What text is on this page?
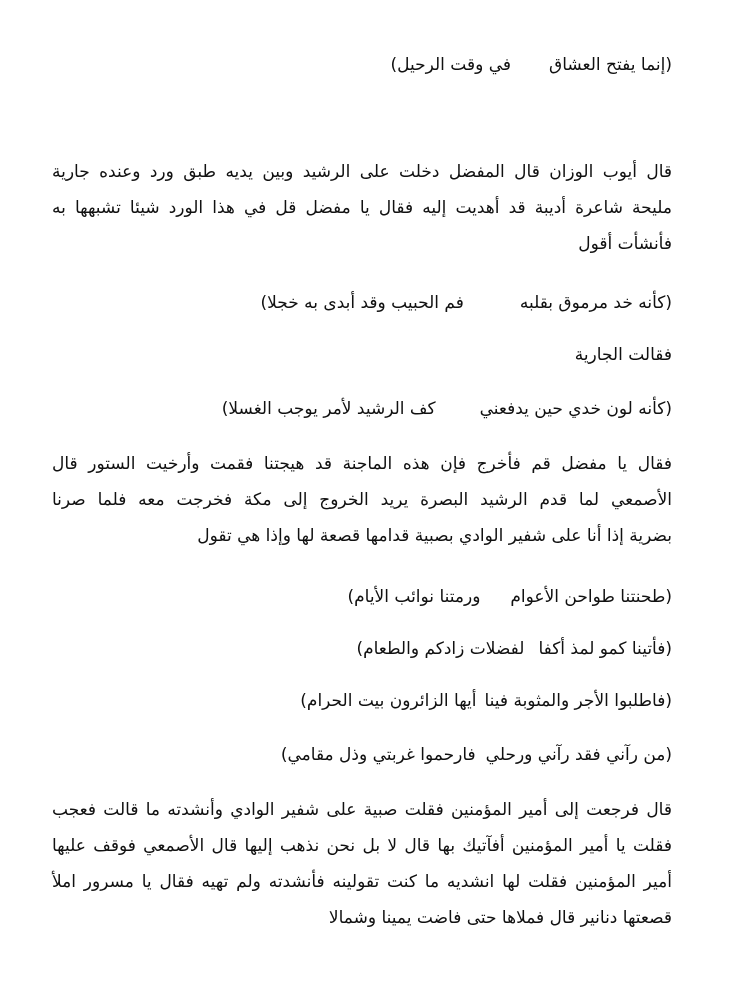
(إنما يفتح العشاقفي وقت الرحيل)
قال أيوب الوزان قال المفضل دخلت على الرشيد وبين يديه طبق ورد وعنده جارية
مليحة شاعرة أديبة قد أهديت إليه فقال يا مفضل قل في هذا الورد شيئا تشبهها به
فأنشأت أقول
(كأنه خد مرموق بقلبهفم الحبيب وقد أبدى به خجلا)
فقالت الجارية
(كأنه لون خدي حين يدفعنيكف الرشيد لأمر يوجب الغسلا)
فقال يا مفضل قم فأخرج فإن هذه الماجنة قد هيجتنا فقمت وأرخيت الستور قال
الأصمعي لما قدم الرشيد البصرة يريد الخروج إلى مكة فخرجت معه فلما صرنا
بضرية إذا أنا على شفير الوادي بصبية قدامها قصعة لها وإذا هي تقول
(طحنتنا طواحن الأعوامورمتنا نوائب الأيام)
(فأتينا كمو لمذ أكفالفضلات زادكم والطعام)
(فاطلبوا الأجر والمثوبة فيناأيها الزائرون بيت الحرام)
(من رآني فقد رآني ورحليفارحموا غربتي وذل مقامي)
قال فرجعت إلى أمير المؤمنين فقلت صبية على شفير الوادي وأنشدته ما قالت فعجب
فقلت يا أمير المؤمنين أفآتيك بها قال لا بل نحن نذهب إليها قال الأصمعي فوقف عليها
أمير المؤمنين فقلت لها انشديه ما كنت تقولينه فأنشدته ولم تهيه فقال يا مسرور املأ
قصعتها دنانير قال فملاها حتى فاضت يمينا وشمالا
